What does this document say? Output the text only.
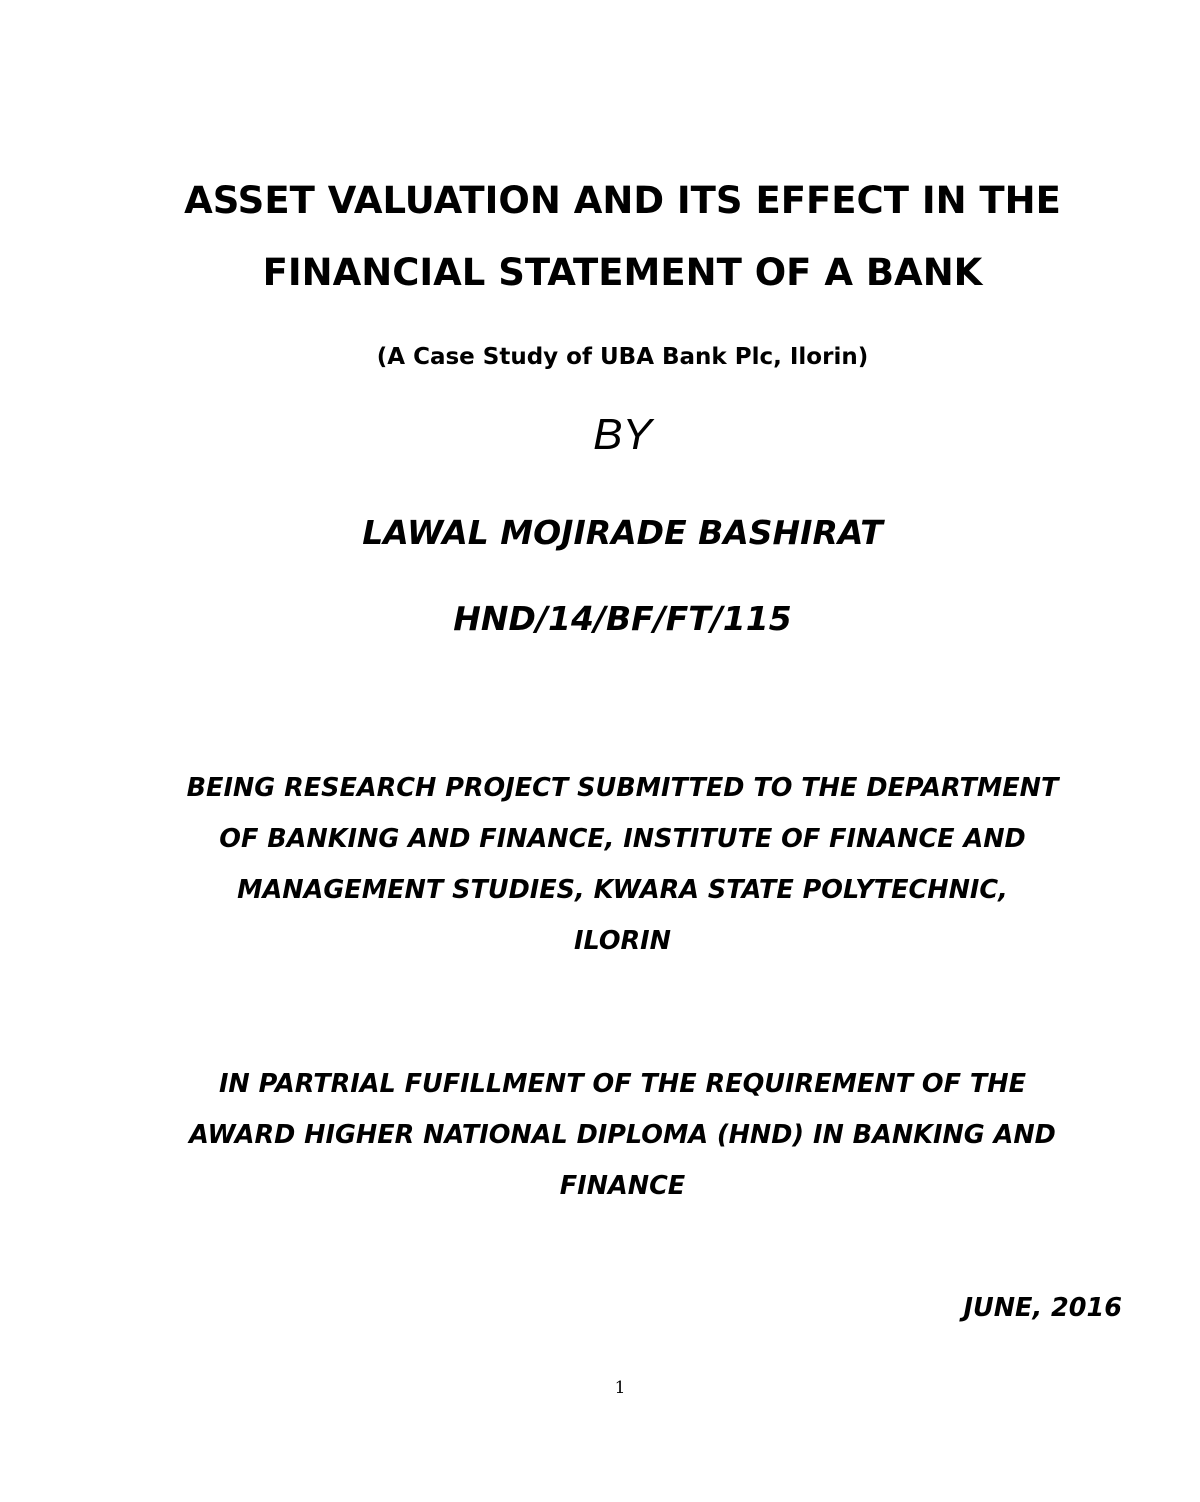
ASSET VALUATION AND ITS EFFECT IN THE
FINANCIAL STATEMENT OF A BANK
(A Case Study of UBA Bank Plc, Ilorin)
BY
LAWAL MOJIRADE BASHIRAT
HND/14/BF/FT/115

BEING RESEARCH PROJECT SUBMITTED TO THE DEPARTMENT
OF BANKING AND FINANCE, INSTITUTE OF FINANCE AND
MANAGEMENT STUDIES, KWARA STATE POLYTECHNIC,
ILORIN

IN PARTRIAL FUFILLMENT OF THE REQUIREMENT OF THE
AWARD HIGHER NATIONAL DIPLOMA (HND) IN BANKING AND
FINANCE

JUNE, 2016
1
